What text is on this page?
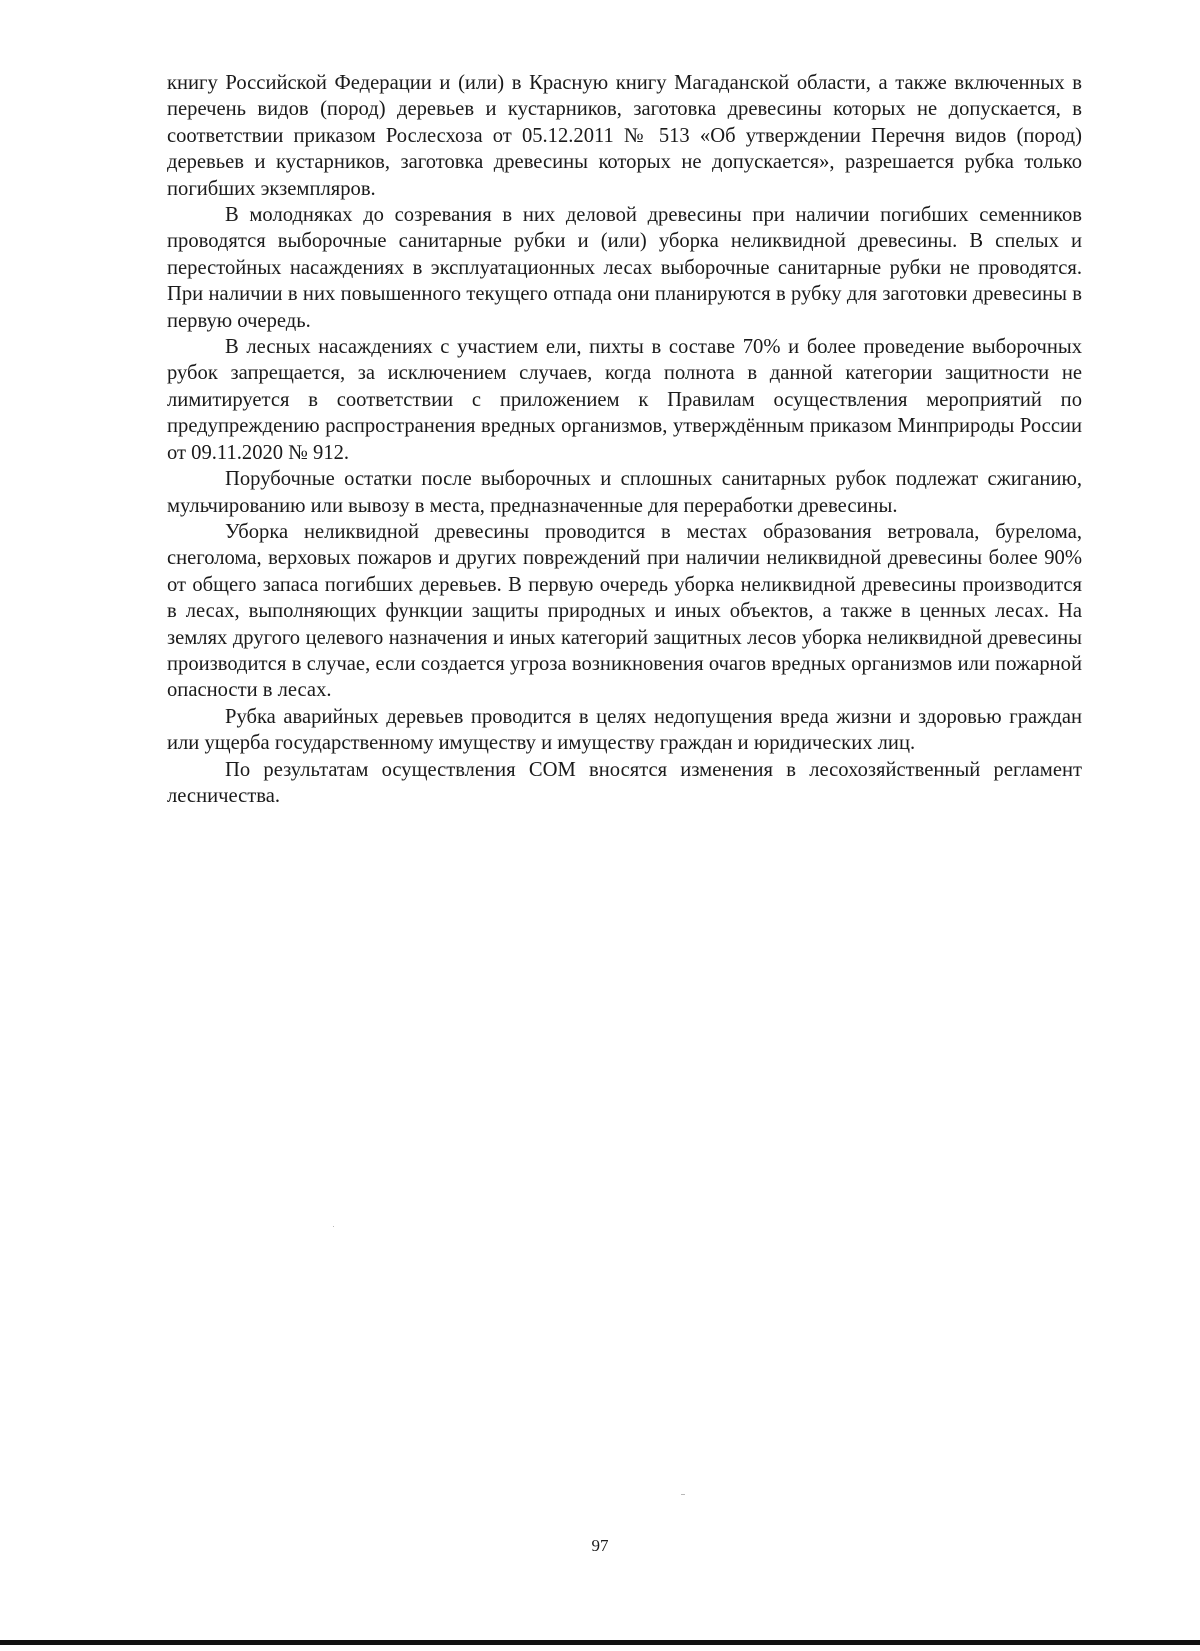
книгу Российской Федерации и (или) в Красную книгу Магаданской области, а также включенных в перечень видов (пород) деревьев и кустарников, заготовка древесины которых не допускается, в соответствии приказом Рослесхоза от 05.12.2011 № 513 «Об утверждении Перечня видов (пород) деревьев и кустарников, заготовка древесины которых не допускается», разрешается рубка только погибших экземпляров.

В молодняках до созревания в них деловой древесины при наличии погибших семенников проводятся выборочные санитарные рубки и (или) уборка неликвидной древесины. В спелых и перестойных насаждениях в эксплуатационных лесах выборочные санитарные рубки не проводятся. При наличии в них повышенного текущего отпада они планируются в рубку для заготовки древесины в первую очередь.

В лесных насаждениях с участием ели, пихты в составе 70% и более проведение выборочных рубок запрещается, за исключением случаев, когда полнота в данной категории защитности не лимитируется в соответствии с приложением к Правилам осуществления мероприятий по предупреждению распространения вредных организмов, утверждённым приказом Минприроды России от 09.11.2020 № 912.

Порубочные остатки после выборочных и сплошных санитарных рубок подлежат сжиганию, мульчированию или вывозу в места, предназначенные для переработки древесины.

Уборка неликвидной древесины проводится в местах образования ветровала, бурелома, снеголома, верховых пожаров и других повреждений при наличии неликвидной древесины более 90% от общего запаса погибших деревьев. В первую очередь уборка неликвидной древесины производится в лесах, выполняющих функции защиты природных и иных объектов, а также в ценных лесах. На землях другого целевого назначения и иных категорий защитных лесов уборка неликвидной древесины производится в случае, если создается угроза возникновения очагов вредных организмов или пожарной опасности в лесах.

Рубка аварийных деревьев проводится в целях недопущения вреда жизни и здоровью граждан или ущерба государственному имуществу и имуществу граждан и юридических лиц.

По результатам осуществления СОМ вносятся изменения в лесохозяйственный регламент лесничества.

97
